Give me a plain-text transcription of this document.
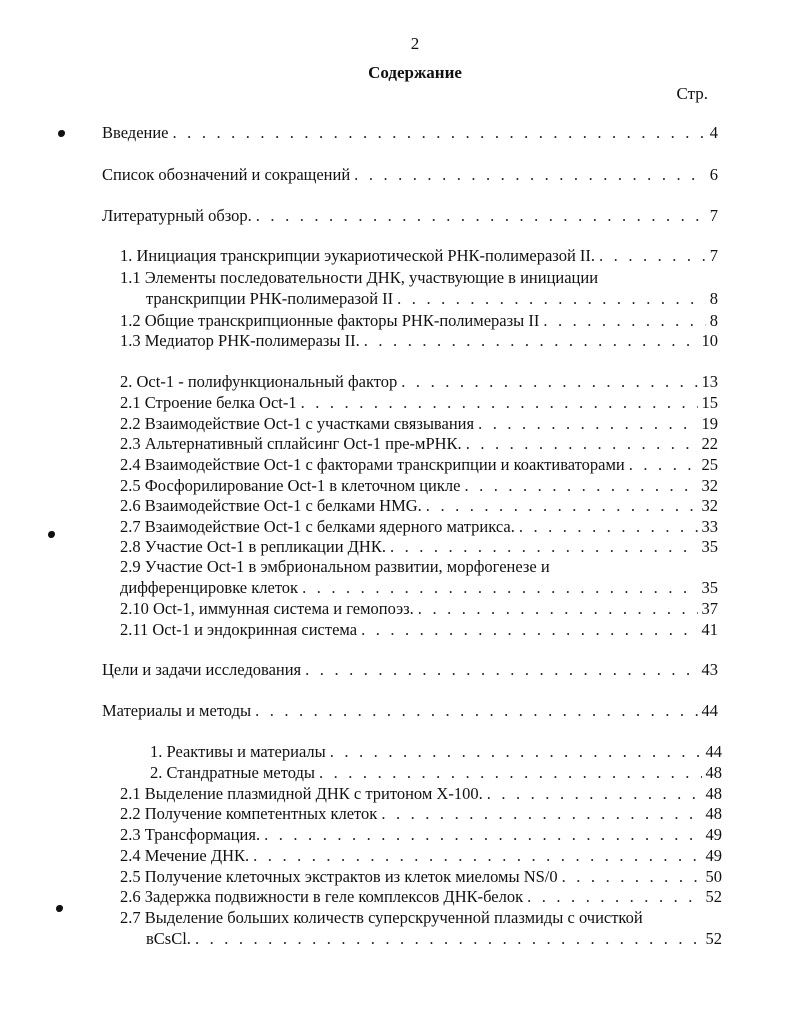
2
Содержание
Стр.
Введение . . .	4
Список обозначений и сокращений . . .	6
Литературный обзор. . . .	7
1. Инициация транскрипции эукариотической РНК-полимеразой II. . . .	7
1.1 Элементы последовательности ДНК, участвующие в инициации
транскрипции РНК-полимеразой II . . .	8
1.2 Общие транскрипционные факторы РНК-полимеразы II . . .	8
1.3 Медиатор РНК-полимеразы II. . . .	10
2. Oct-1 - полифункциональный фактор . . .	13
2.1 Строение белка Oct-1 . . .	15
2.2 Взаимодействие Oct-1 с участками связывания . . .	19
2.3 Альтернативный сплайсинг Oct-1 пре-мРНК. . . .	22
2.4 Взаимодействие Oct-1 с факторами транскрипции и коактиваторами . . .	25
2.5 Фосфорилирование Oct-1 в клеточном цикле . . .	32
2.6 Взаимодействие Oct-1 с белками HMG. . . .	32
2.7 Взаимодействие Oct-1 с белками ядерного матрикса. . . .	33
2.8 Участие Oct-1 в репликации ДНК. . . .	35
2.9 Участие Oct-1 в эмбриональном развитии, морфогенезе и
дифференцировке клеток . . .	35
2.10 Oct-1, иммунная система и гемопоэз. . . .	37
2.11 Oct-1 и эндокринная система . . .	41
Цели и задачи исследования . . .	43
Материалы и методы . . .	44
1. Реактивы и материалы . . .	44
2. Стандратные методы . . .	48
2.1 Выделение плазмидной ДНК с тритоном Х-100. . . .	48
2.2 Получение компетентных клеток . . .	48
2.3 Трансформация. . . .	49
2.4 Мечение ДНК. . . .	49
2.5 Получение клеточных экстрактов из клеток миеломы NS/0 . . .	50
2.6 Задержка подвижности в геле комплексов ДНК-белок . . .	52
2.7 Выделение больших количеств суперскрученной плазмиды с очисткой
вCsCl. . . .	52
